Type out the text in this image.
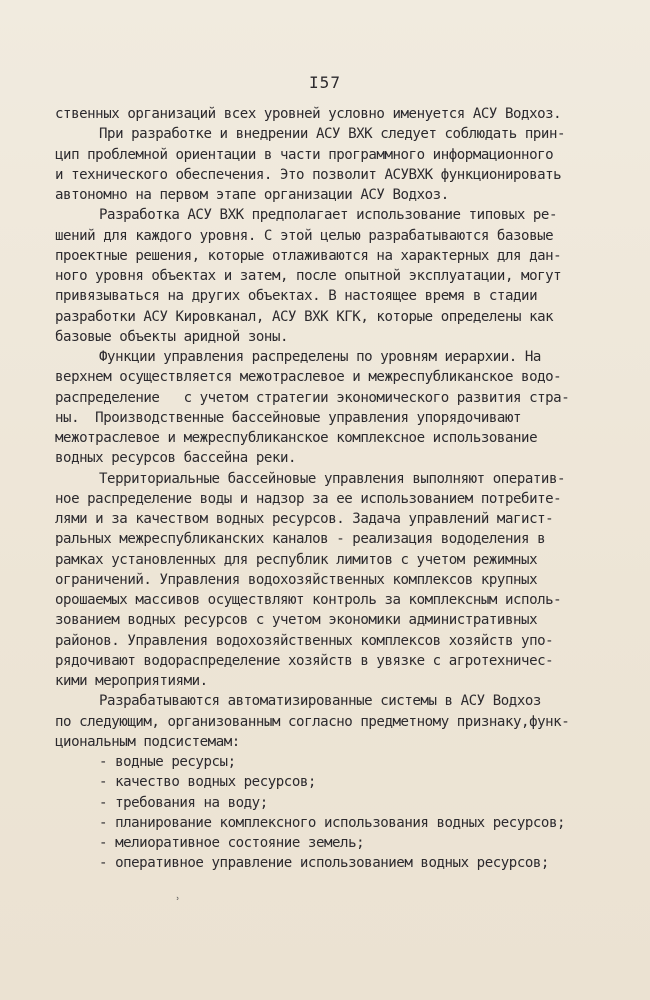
I57
ственных организаций всех уровней условно именуется АСУ Водхоз.
При разработке и внедрении АСУ ВХК следует соблюдать прин-
цип проблемной ориентации в части программного информационного
и технического обеспечения. Это позволит АСУВХК функционировать
автономно на первом этапе организации АСУ Водхоз.
Разработка АСУ ВХК предполагает использование типовых ре-
шений для каждого уровня. С этой целью разрабатываются базовые
проектные решения, которые отлаживаются на характерных для дан-
ного уровня объектах и затем, после опытной эксплуатации, могут
привязываться на других объектах. В настоящее время в стадии
разработки АСУ Кировканал, АСУ ВХК КГК, которые определены как
базовые объекты аридной зоны.
Функции управления распределены по уровням иерархии. На
верхнем осуществляется межотраслевое и межреспубликанское водо-
распределение   с учетом стратегии экономического развития стра-
ны.  Производственные бассейновые управления упорядочивают
межотраслевое и межреспубликанское комплексное использование
водных ресурсов бассейна реки.
Территориальные бассейновые управления выполняют оператив-
ное распределение воды и надзор за ее использованием потребите-
лями и за качеством водных ресурсов. Задача управлений магист-
ральных межреспубликанских каналов - реализация вододеления в
рамках установленных для республик лимитов с учетом режимных
ограничений. Управления водохозяйственных комплексов крупных
орошаемых массивов осуществляют контроль за комплексным исполь-
зованием водных ресурсов с учетом экономики административных
районов. Управления водохозяйственных комплексов хозяйств упо-
рядочивают водораспределение хозяйств в увязке с агротехничес-
кими мероприятиями.
Разрабатываются автоматизированные системы в АСУ Водхоз
по следующим, организованным согласно предметному признаку,функ-
циональным подсистемам:
- водные ресурсы;
- качество водных ресурсов;
- требования на воду;
- планирование комплексного использования водных ресурсов;
- мелиоративное состояние земель;
- оперативное управление использованием водных ресурсов;
˒
